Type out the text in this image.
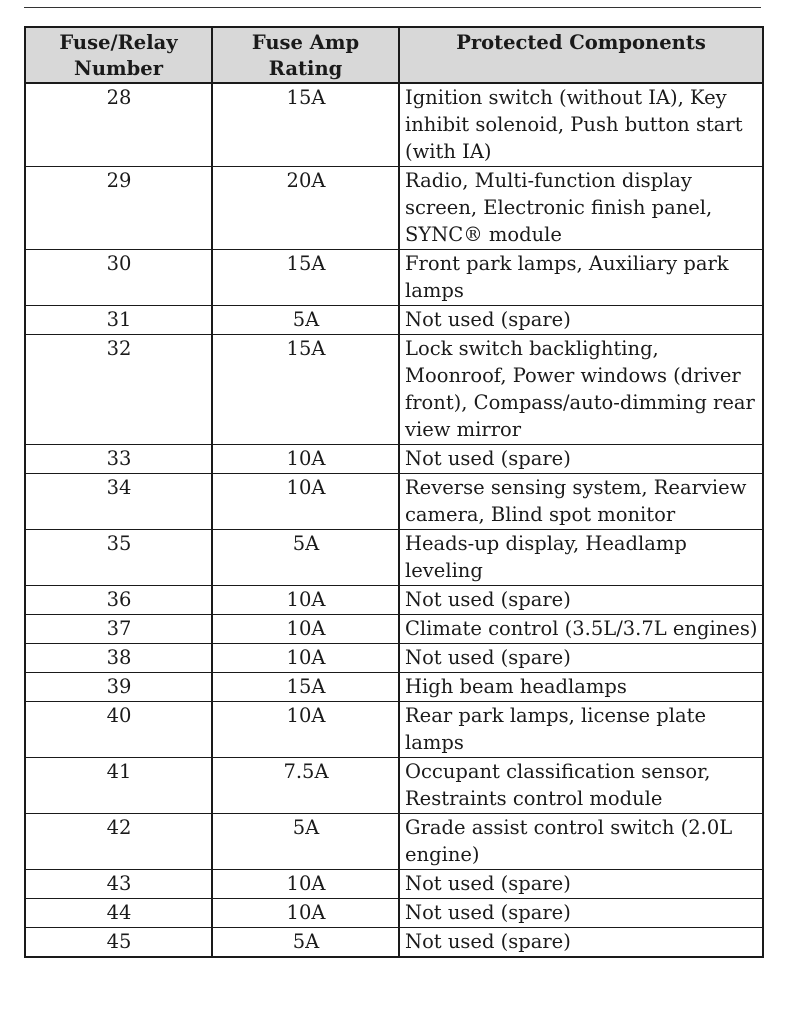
Fuse/Relay Number	Fuse Amp Rating	Protected Components
28	15A	Ignition switch (without IA), Key inhibit solenoid, Push button start (with IA)
29	20A	Radio, Multi-function display screen, Electronic finish panel, SYNC® module
30	15A	Front park lamps, Auxiliary park lamps
31	5A	Not used (spare)
32	15A	Lock switch backlighting, Moonroof, Power windows (driver front), Compass/auto-dimming rear view mirror
33	10A	Not used (spare)
34	10A	Reverse sensing system, Rearview camera, Blind spot monitor
35	5A	Heads-up display, Headlamp leveling
36	10A	Not used (spare)
37	10A	Climate control (3.5L/3.7L engines)
38	10A	Not used (spare)
39	15A	High beam headlamps
40	10A	Rear park lamps, license plate lamps
41	7.5A	Occupant classification sensor, Restraints control module
42	5A	Grade assist control switch (2.0L engine)
43	10A	Not used (spare)
44	10A	Not used (spare)
45	5A	Not used (spare)
